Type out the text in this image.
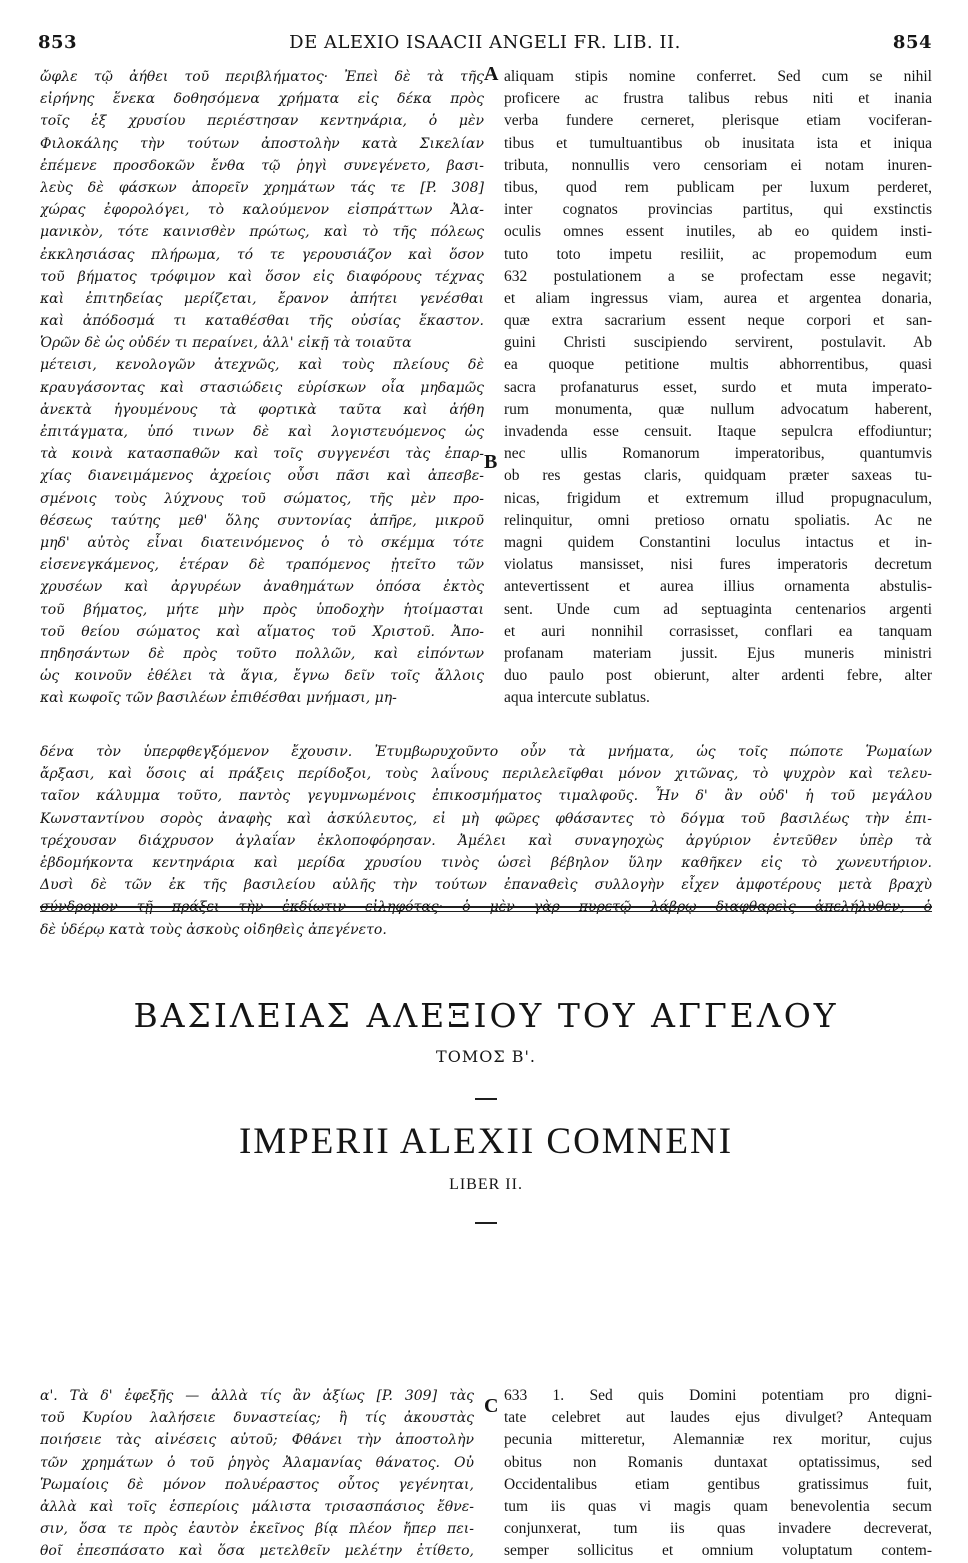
853	DE ALEXIO ISAACII ANGELI FR. LIB. II.	854
ὤφλε τῷ ἀήθει τοῦ περιβλήματος· Ἐπεὶ δὲ τὰ τῆς
εἰρήνης ἕνεκα δοθησόμενα χρήματα εἰς δέκα πρὸς
τοῖς ἑξ χρυσίου περιέστησαν κεντηνάρια, ὁ μὲν
Φιλοκάλης τὴν τούτων ἀποστολὴν κατὰ Σικελίαν
ἐπέμενε προσδοκῶν ἔνθα τῷ ῥηγὶ συνεγένετο, βασι-
λεὺς δὲ φάσκων ἀπορεῖν χρημάτων τάς τε [P. 308]
χώρας ἐφορολόγει, τὸ καλούμενον εἰσπράττων Ἀλα-
μανικὸν, τότε καινισθὲν πρώτως, καὶ τὸ τῆς πόλεως
ἐκκλησιάσας πλήρωμα, τό τε γερουσιάζον καὶ ὅσον
τοῦ βήματος τρόφιμον καὶ ὅσον εἰς διαφόρους τέχνας
καὶ ἐπιτηδείας μερίζεται, ἔρανον ἀπήτει γενέσθαι
καὶ ἀπόδοσμά τι καταθέσθαι τῆς οὐσίας ἕκαστον.
Ὁρῶν δὲ ὡς οὐδέν τι περαίνει, ἀλλ' εἰκῇ τὰ τοιαῦτα
μέτεισι, κενολογῶν ἀτεχνῶς, καὶ τοὺς πλείους δὲ
κραυγάσοντας καὶ στασιώδεις εὑρίσκων οἷα μηδαμῶς
ἀνεκτὰ ἡγουμένους τὰ φορτικὰ ταῦτα καὶ ἀήθη
ἐπιτάγματα, ὑπό τινων δὲ καὶ λογιστευόμενος ὡς
τὰ κοινὰ κατασπαθῶν καὶ τοῖς συγγενέσι τὰς ἐπαρ-
χίας διανειμάμενος ἀχρείοις οὖσι πᾶσι καὶ ἀπεσβε-
σμένοις τοὺς λύχνους τοῦ σώματος, τῆς μὲν προ-
θέσεως ταύτης μεθ' ὅλης συντονίας ἀπῆρε, μικροῦ
μηδ' αὐτὸς εἶναι διατεινόμενος ὁ τὸ σκέμμα τότε
εἰσενεγκάμενος, ἑτέραν δὲ τραπόμενος ᾐτεῖτο τῶν
χρυσέων καὶ ἀργυρέων ἀναθημάτων ὁπόσα ἐκτὸς
τοῦ βήματος, μήτε μὴν πρὸς ὑποδοχὴν ἡτοίμασται
τοῦ θείου σώματος καὶ αἵματος τοῦ Χριστοῦ. Ἀπο-
πηδησάντων δὲ πρὸς τοῦτο πολλῶν, καὶ εἰπόντων
ὡς κοινοῦν ἐθέλει τὰ ἅγια, ἔγνω δεῖν τοῖς ἄλλοις
καὶ κωφοῖς τῶν βασιλέων ἐπιθέσθαι μνήμασι, μη-
aliquam stipis nomine conferret. Sed cum se nihil
proficere ac frustra talibus rebus niti et inania
verba fundere cerneret, plerisque etiam vociferan-
tibus et tumultuantibus ob inusitata ista et iniqua
tributa, nonnullis vero censoriam ei notam inuren-
tibus, quod rem publicam per luxum perderet,
inter cognatos provincias partitus, qui exstinctis
oculis omnes essent inutiles, ab eo quidem insti-
tuto toto impetu resiliit, ac propemodum eum
632 postulationem a se profectam esse negavit;
et aliam ingressus viam, aurea et argentea donaria,
quæ extra sacrarium essent neque corpori et san-
guini Christi suscipiendo servirent, postulavit. Ab
ea quoque petitione multis abhorrentibus, quasi
sacra profanaturus esset, surdo et muta imperato-
rum monumenta, quæ nullum advocatum haberent,
invadenda esse censuit. Itaque sepulcra effodiuntur;
nec ullis Romanorum imperatoribus, quantumvis
ob res gestas claris, quidquam præter saxeas tu-
nicas, frigidum et extremum illud propugnaculum,
relinquitur, omni pretioso ornatu spoliatis. Ac ne
magni quidem Constantini loculus intactus et in-
violatus mansisset, nisi fures imperatoris decretum
antevertissent et aurea illius ornamenta abstulis-
sent. Unde cum ad septuaginta centenarios argenti
et auri nonnihil corrasisset, conflari ea tanquam
profanam materiam jussit. Ejus muneris ministri
duo paulo post obierunt, alter ardenti febre, alter
aqua intercute sublatus.
A
B
δένα τὸν ὑπερφθεγξόμενον ἔχουσιν. Ἐτυμβωρυχοῦντο οὖν τὰ μνήματα, ὡς τοῖς πώποτε Ῥωμαίων
ἄρξασι, καὶ ὅσοις αἱ πράξεις περίδοξοι, τοὺς λαΐνους περιλελεῖφθαι μόνον χιτῶνας, τὸ ψυχρὸν καὶ τελευ-
ταῖον κάλυμμα τοῦτο, παντὸς γεγυμνωμένοις ἐπικοσμήματος τιμαλφοῦς. Ἦν δ' ἂν οὐδ' ἡ τοῦ μεγάλου
Κωνσταντίνου σορὸς ἀναφὴς καὶ ἀσκύλευτος, εἰ μὴ φῶρες φθάσαντες τὸ δόγμα τοῦ βασιλέως τὴν ἐπι-
τρέχουσαν διάχρυσον ἀγλαΐαν ἐκλοποφόρησαν. Ἀμέλει καὶ συναγηοχὼς ἀργύριον ἐντεῦθεν ὑπὲρ τὰ
ἑβδομήκοντα κεντηνάρια καὶ μερίδα χρυσίου τινὸς ὡσεὶ βέβηλον ὕλην καθῆκεν εἰς τὸ χωνευτήριον.
Δυσὶ δὲ τῶν ἐκ τῆς βασιλείου αὐλῆς τὴν τούτων ἐπαναθεὶς συλλογὴν εἶχεν ἀμφοτέρους μετὰ βραχὺ
σύνδρομον τῇ πράξει τὴν ἐκδίωτιν εἰληφότας· ὁ μὲν γὰρ πυρετῷ λάβρῳ διαφθαρεὶς ἀπελήλυθεν, ὁ
δὲ ὑδέρῳ κατὰ τοὺς ἀσκοὺς οἰδηθεὶς ἀπεγένετο.
ΒΑΣΙΛΕΙΑΣ ΑΛΕΞΙΟΥ ΤΟΥ ΑΓΓΕΛΟΥ
ΤΟΜΟΣ Β'.
IMPERII ALEXII COMNENI
LIBER II.
α'. Τὰ δ' ἐφεξῆς — ἀλλὰ τίς ἂν ἀξίως [P. 309] τὰς
τοῦ Κυρίου λαλήσειε δυναστείας; ἢ τίς ἀκουστὰς
ποιήσειε τὰς αἰνέσεις αὐτοῦ; Φθάνει τὴν ἀποστολὴν
τῶν χρημάτων ὁ τοῦ ῥηγὸς Ἀλαμανίας θάνατος. Οὐ
Ῥωμαίοις δὲ μόνον πολυέραστος οὗτος γεγένηται,
ἀλλὰ καὶ τοῖς ἑσπερίοις μάλιστα τρισασπάσιος ἔθνε-
σιν, ὅσα τε πρὸς ἑαυτὸν ἐκεῖνος βίᾳ πλέον ἤπερ πει-
θοῖ ἐπεσπάσατο καὶ ὅσα μετελθεῖν μελέτην ἐτίθετο,
C 633 1. Sed quis Domini potentiam pro digni-
tate celebret aut laudes ejus divulget? Antequam
pecunia mitteretur, Alemanniæ rex moritur, cujus
obitus non Romanis duntaxat optatissimus, sed
Occidentalibus etiam gentibus gratissimus fuit,
tum iis quas vi magis quam benevolentia secum
conjunxerat, tum iis quas invadere decreverat,
semper sollicitus et omnium voluptatum contem-
